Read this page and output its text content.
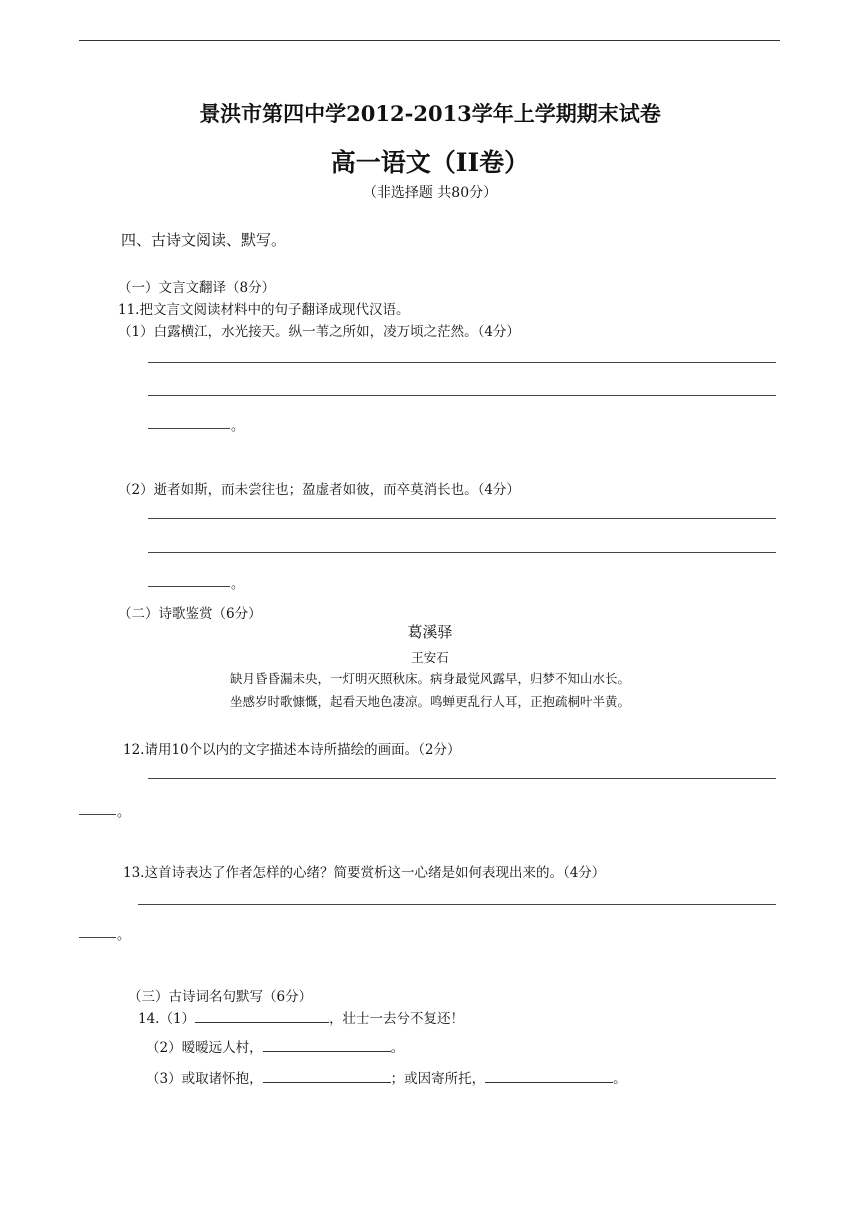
景洪市第四中学2012-2013学年上学期期末试卷
高一语文（II卷）
（非选择题 共80分）
四、古诗文阅读、默写。
（一）文言文翻译（8分）
11.把文言文阅读材料中的句子翻译成现代汉语。
（1）白露横江，水光接天。纵一苇之所如，凌万顷之茫然。（4分）
。
（2）逝者如斯，而未尝往也；盈虚者如彼，而卒莫消长也。（4分）
。
（二）诗歌鉴赏（6分）
葛溪驿
王安石
缺月昏昏漏未央，一灯明灭照秋床。病身最觉风露早，归梦不知山水长。
坐感岁时歌慷慨，起看天地色凄凉。鸣蝉更乱行人耳，正抱疏桐叶半黄。
12.请用10个以内的文字描述本诗所描绘的画面。（2分）
。
13.这首诗表达了作者怎样的心绪？简要赏析这一心绪是如何表现出来的。（4分）
。
（三）古诗词名句默写（6分）
14.（1）	，壮士一去兮不复还！
（2）暧暧远人村，	。
（3）或取诸怀抱，	；或因寄所托，	。
